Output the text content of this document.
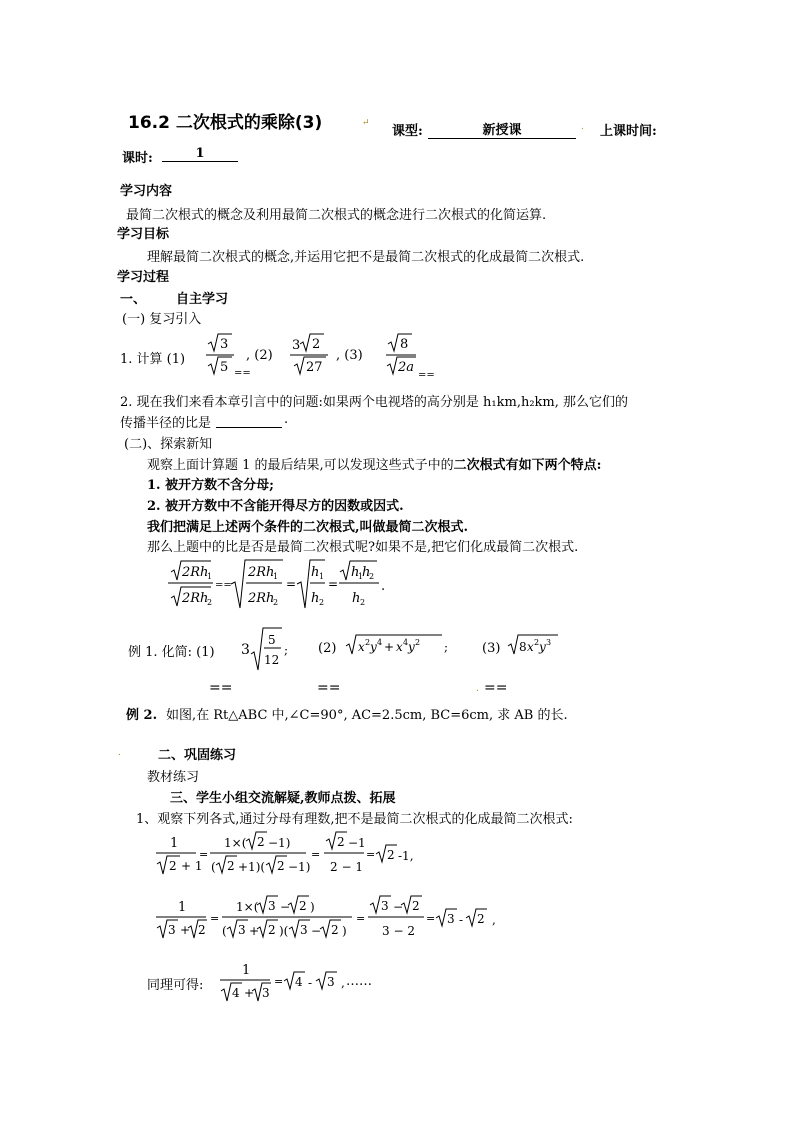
16.2 二次根式的乘除(3)	↵
课型:	新授课	. 上课时间:
课时:	1
学习内容
最简二次根式的概念及利用最简二次根式的概念进行二次根式的化简运算.
学习目标
理解最简二次根式的概念,并运用它把不是最简二次根式的化成最简二次根式.
学习过程
一、 自主学习
(一) 复习引入
1. 计算 (1)
3
5 ==
3 2
27
8
2a
==
, (2)	, (3)
2. 现在我们来看本章引言中的问题:如果两个电视塔的高分别是 h₁km,h₂km, 那么它们的
传播半径的比是	.
(二)、探索新知
观察上面计算题 1 的最后结果,可以发现这些式子中的二次根式有如下两个特点:
1. 被开方数不含分母;
2. 被开方数中不含能开得尽方的因数或因式.
我们把满足上述两个条件的二次根式,叫做最简二次根式.
那么上题中的比是否是最简二次根式呢?如果不是,把它们化成最简二次根式.
2Rh
1
2Rh
2
==
2Rh
1
2Rh
2
=
h 1
h 2
=
h
1
h
2
h 2
.
例 1. 化简: (1) 3
5
12
; (2) x 2 y 4 + x 4 y 2 ;	(3) 8 x 2 y 3
==	==	. ==
例 2. 如图,在 Rt△ABC 中,∠C=90°, AC=2.5cm, BC=6cm, 求 AB 的长.
.	二、巩固练习
教材练习
三、学生小组交流解疑,教师点拨、拓展
1、观察下列各式,通过分母有理数,把不是最简二次根式的化成最简二次根式:
1
2 + 1
=
1×( 2 −1)
( 2 +1)( 2 −1)
=
2 −1
2 − 1
= 2 -1,
1
3 + 2
=
1×( 3 − 2 )
( 3 + 2 )( 3 − 2 )
=
3 − 2
3 − 2
= 3 - 2 ,
同理可得:
1
4 + 3
= 4 - 3 , ……
